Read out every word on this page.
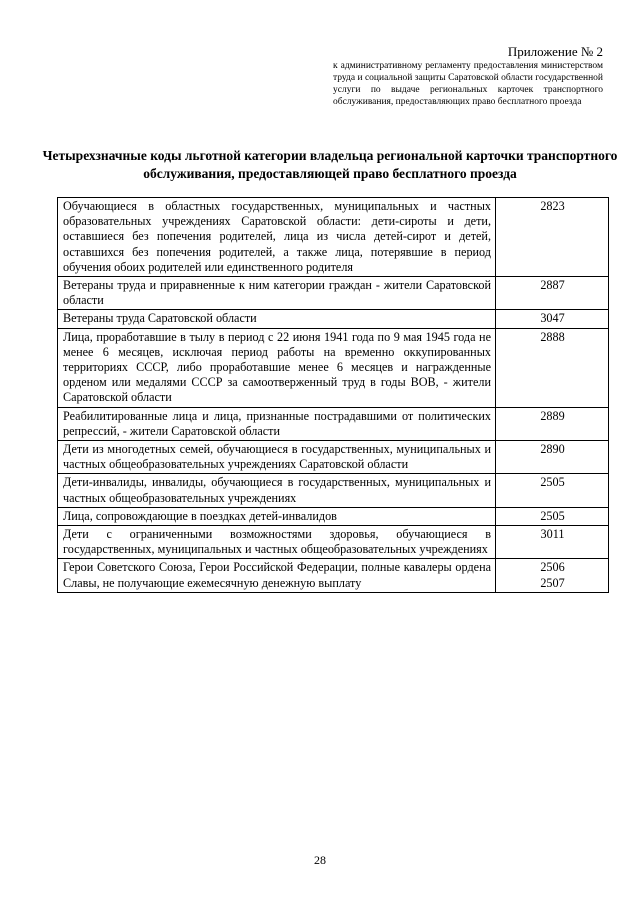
Приложение № 2

к административному регламенту предоставления министерством труда и социальной защиты Саратовской области государственной услуги по выдаче региональных карточек транспортного обслуживания, предоставляющих право бесплатного проезда

Четырехзначные коды льготной категории владельца региональной карточки транспортного обслуживания, предоставляющей право бесплатного проезда

Обучающиеся в областных государственных, муниципальных и частных образовательных учреждениях Саратовской области: дети-сироты и дети, оставшиеся без попечения родителей, лица из числа детей-сирот и детей, оставшихся без попечения родителей, а также лица, потерявшие в период обучения обоих родителей или единственного родителя	2823

Ветераны труда и приравненные к ним категории граждан - жители Саратовской области	2887

Ветераны труда Саратовской области	3047

Лица, проработавшие в тылу в период с 22 июня 1941 года по 9 мая 1945 года не менее 6 месяцев, исключая период работы на временно оккупированных территориях СССР, либо проработавшие менее 6 месяцев и награжденные орденом или медалями СССР за самоотверженный труд в годы ВОВ, - жители Саратовской области	2888

Реабилитированные лица и лица, признанные пострадавшими от политических репрессий, - жители Саратовской области	2889

Дети из многодетных семей, обучающиеся в государственных, муниципальных и частных общеобразовательных учреждениях Саратовской области	2890

Дети-инвалиды, инвалиды, обучающиеся в государственных, муниципальных и частных общеобразовательных учреждениях	2505

Лица, сопровождающие в поездках детей-инвалидов	2505

Дети с ограниченными возможностями здоровья, обучающиеся в государственных, муниципальных и частных общеобразовательных учреждениях	3011

Герои Советского Союза, Герои Российской Федерации, полные кавалеры ордена Славы, не получающие ежемесячную денежную выплату	2506
2507

28
